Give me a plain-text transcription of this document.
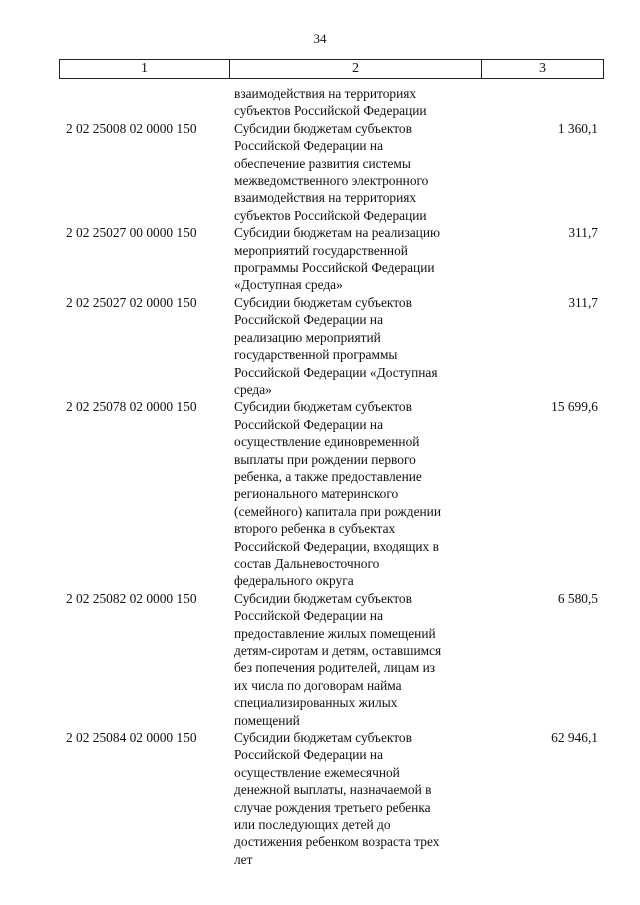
34
1	2	3
взаимодействия на территориях
субъектов Российской Федерации
2 02 25008 02 0000 150	Субсидии бюджетам субъектов
Российской Федерации на
обеспечение развития системы
межведомственного электронного
взаимодействия на территориях
субъектов Российской Федерации
1 360,1
2 02 25027 00 0000 150	Субсидии бюджетам на реализацию
мероприятий государственной
программы Российской Федерации
«Доступная среда»
311,7
2 02 25027 02 0000 150	Субсидии бюджетам субъектов
Российской Федерации на
реализацию мероприятий
государственной программы
Российской Федерации «Доступная
среда»
311,7
2 02 25078 02 0000 150	Субсидии бюджетам субъектов
Российской Федерации на
осуществление единовременной
выплаты при рождении первого
ребенка, а также предоставление
регионального материнского
(семейного) капитала при рождении
второго ребенка в субъектах
Российской Федерации, входящих в
состав Дальневосточного
федерального округа
15 699,6
2 02 25082 02 0000 150	Субсидии бюджетам субъектов
Российской Федерации на
предоставление жилых помещений
детям-сиротам и детям, оставшимся
без попечения родителей, лицам из
их числа по договорам найма
специализированных жилых
помещений
6 580,5
2 02 25084 02 0000 150	Субсидии бюджетам субъектов
Российской Федерации на
осуществление ежемесячной
денежной выплаты, назначаемой в
случае рождения третьего ребенка
или последующих детей до
достижения ребенком возраста трех
лет
62 946,1
